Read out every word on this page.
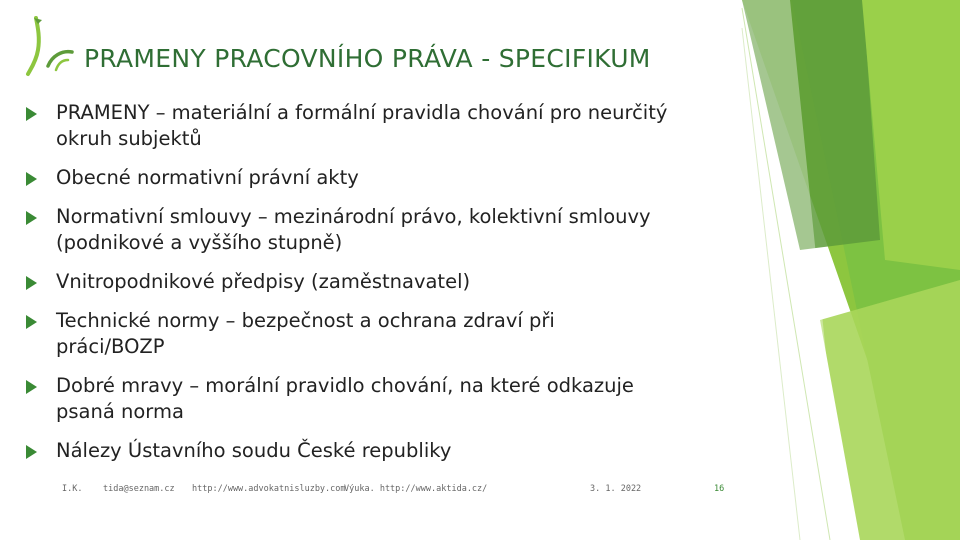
PRAMENY PRACOVNÍHO PRÁVA - SPECIFIKUM
PRAMENY – materiální a formální pravidla chování pro neurčitý
okruh subjektů
Obecné normativní právní akty
Normativní smlouvy – mezinárodní právo, kolektivní smlouvy
(podnikové a vyššího stupně)
Vnitropodnikové předpisy (zaměstnavatel)
Technické normy – bezpečnost a ochrana zdraví při
práci/BOZP
Dobré mravy – morální pravidlo chování, na které odkazuje
psaná norma
Nálezy Ústavního soudu České republiky
I.K. tida@seznam.cz http://www.advokatnisluzby.com
Výuka. http://www.aktida.cz/	3. 1. 2022	16
